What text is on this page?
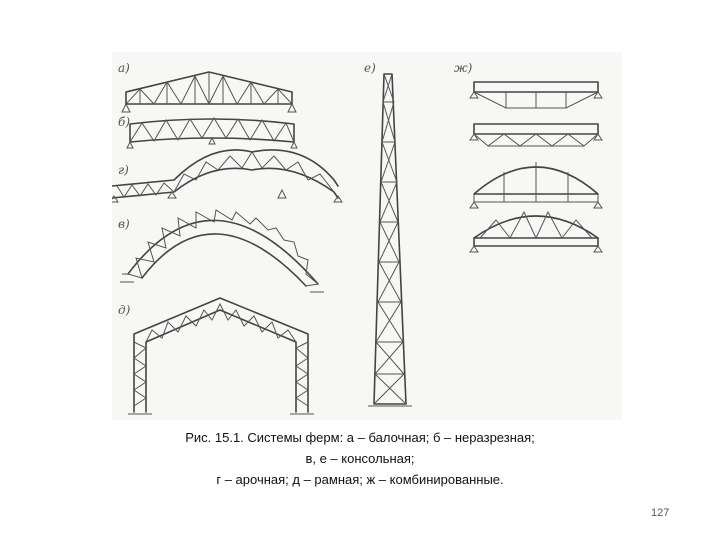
а)
б)
г)
в)
д)
е)	ж)
Рис. 15.1. Системы ферм: а – балочная; б – неразрезная;
в, е – консольная;
г – арочная; д – рамная; ж – комбинированные.
127
